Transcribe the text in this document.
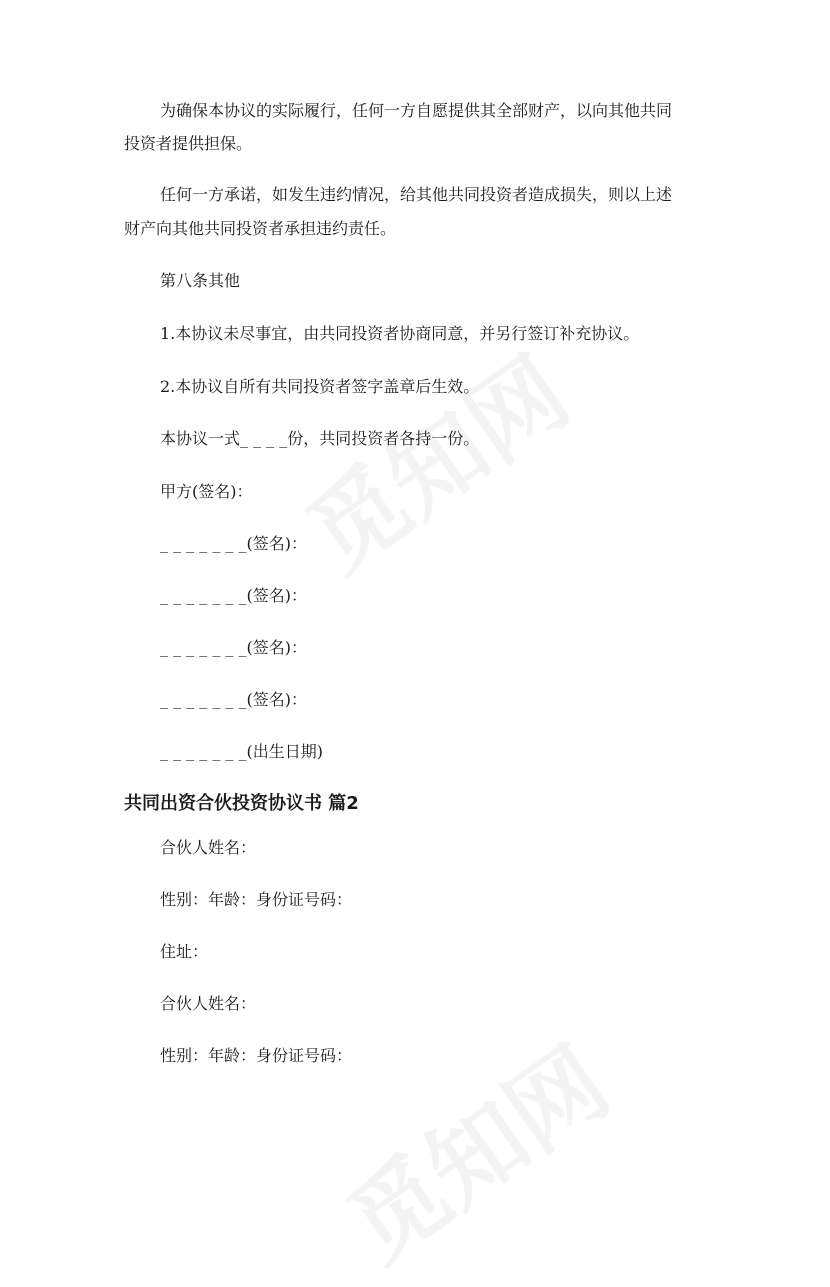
为确保本协议的实际履行，任何一方自愿提供其全部财产，以向其他共同
投资者提供担保。
任何一方承诺，如发生违约情况，给其他共同投资者造成损失，则以上述
财产向其他共同投资者承担违约责任。
第八条其他
1.本协议未尽事宜，由共同投资者协商同意，并另行签订补充协议。
2.本协议自所有共同投资者签字盖章后生效。
本协议一式_ _ _ _份，共同投资者各持一份。
甲方(签名)：
_ _ _ _ _ _ _(签名)：
_ _ _ _ _ _ _(签名)：
_ _ _ _ _ _ _(签名)：
_ _ _ _ _ _ _(签名)：
_ _ _ _ _ _ _(出生日期)
共同出资合伙投资协议书 篇2
合伙人姓名：
性别：年龄：身份证号码：
住址：
合伙人姓名：
性别：年龄：身份证号码：
